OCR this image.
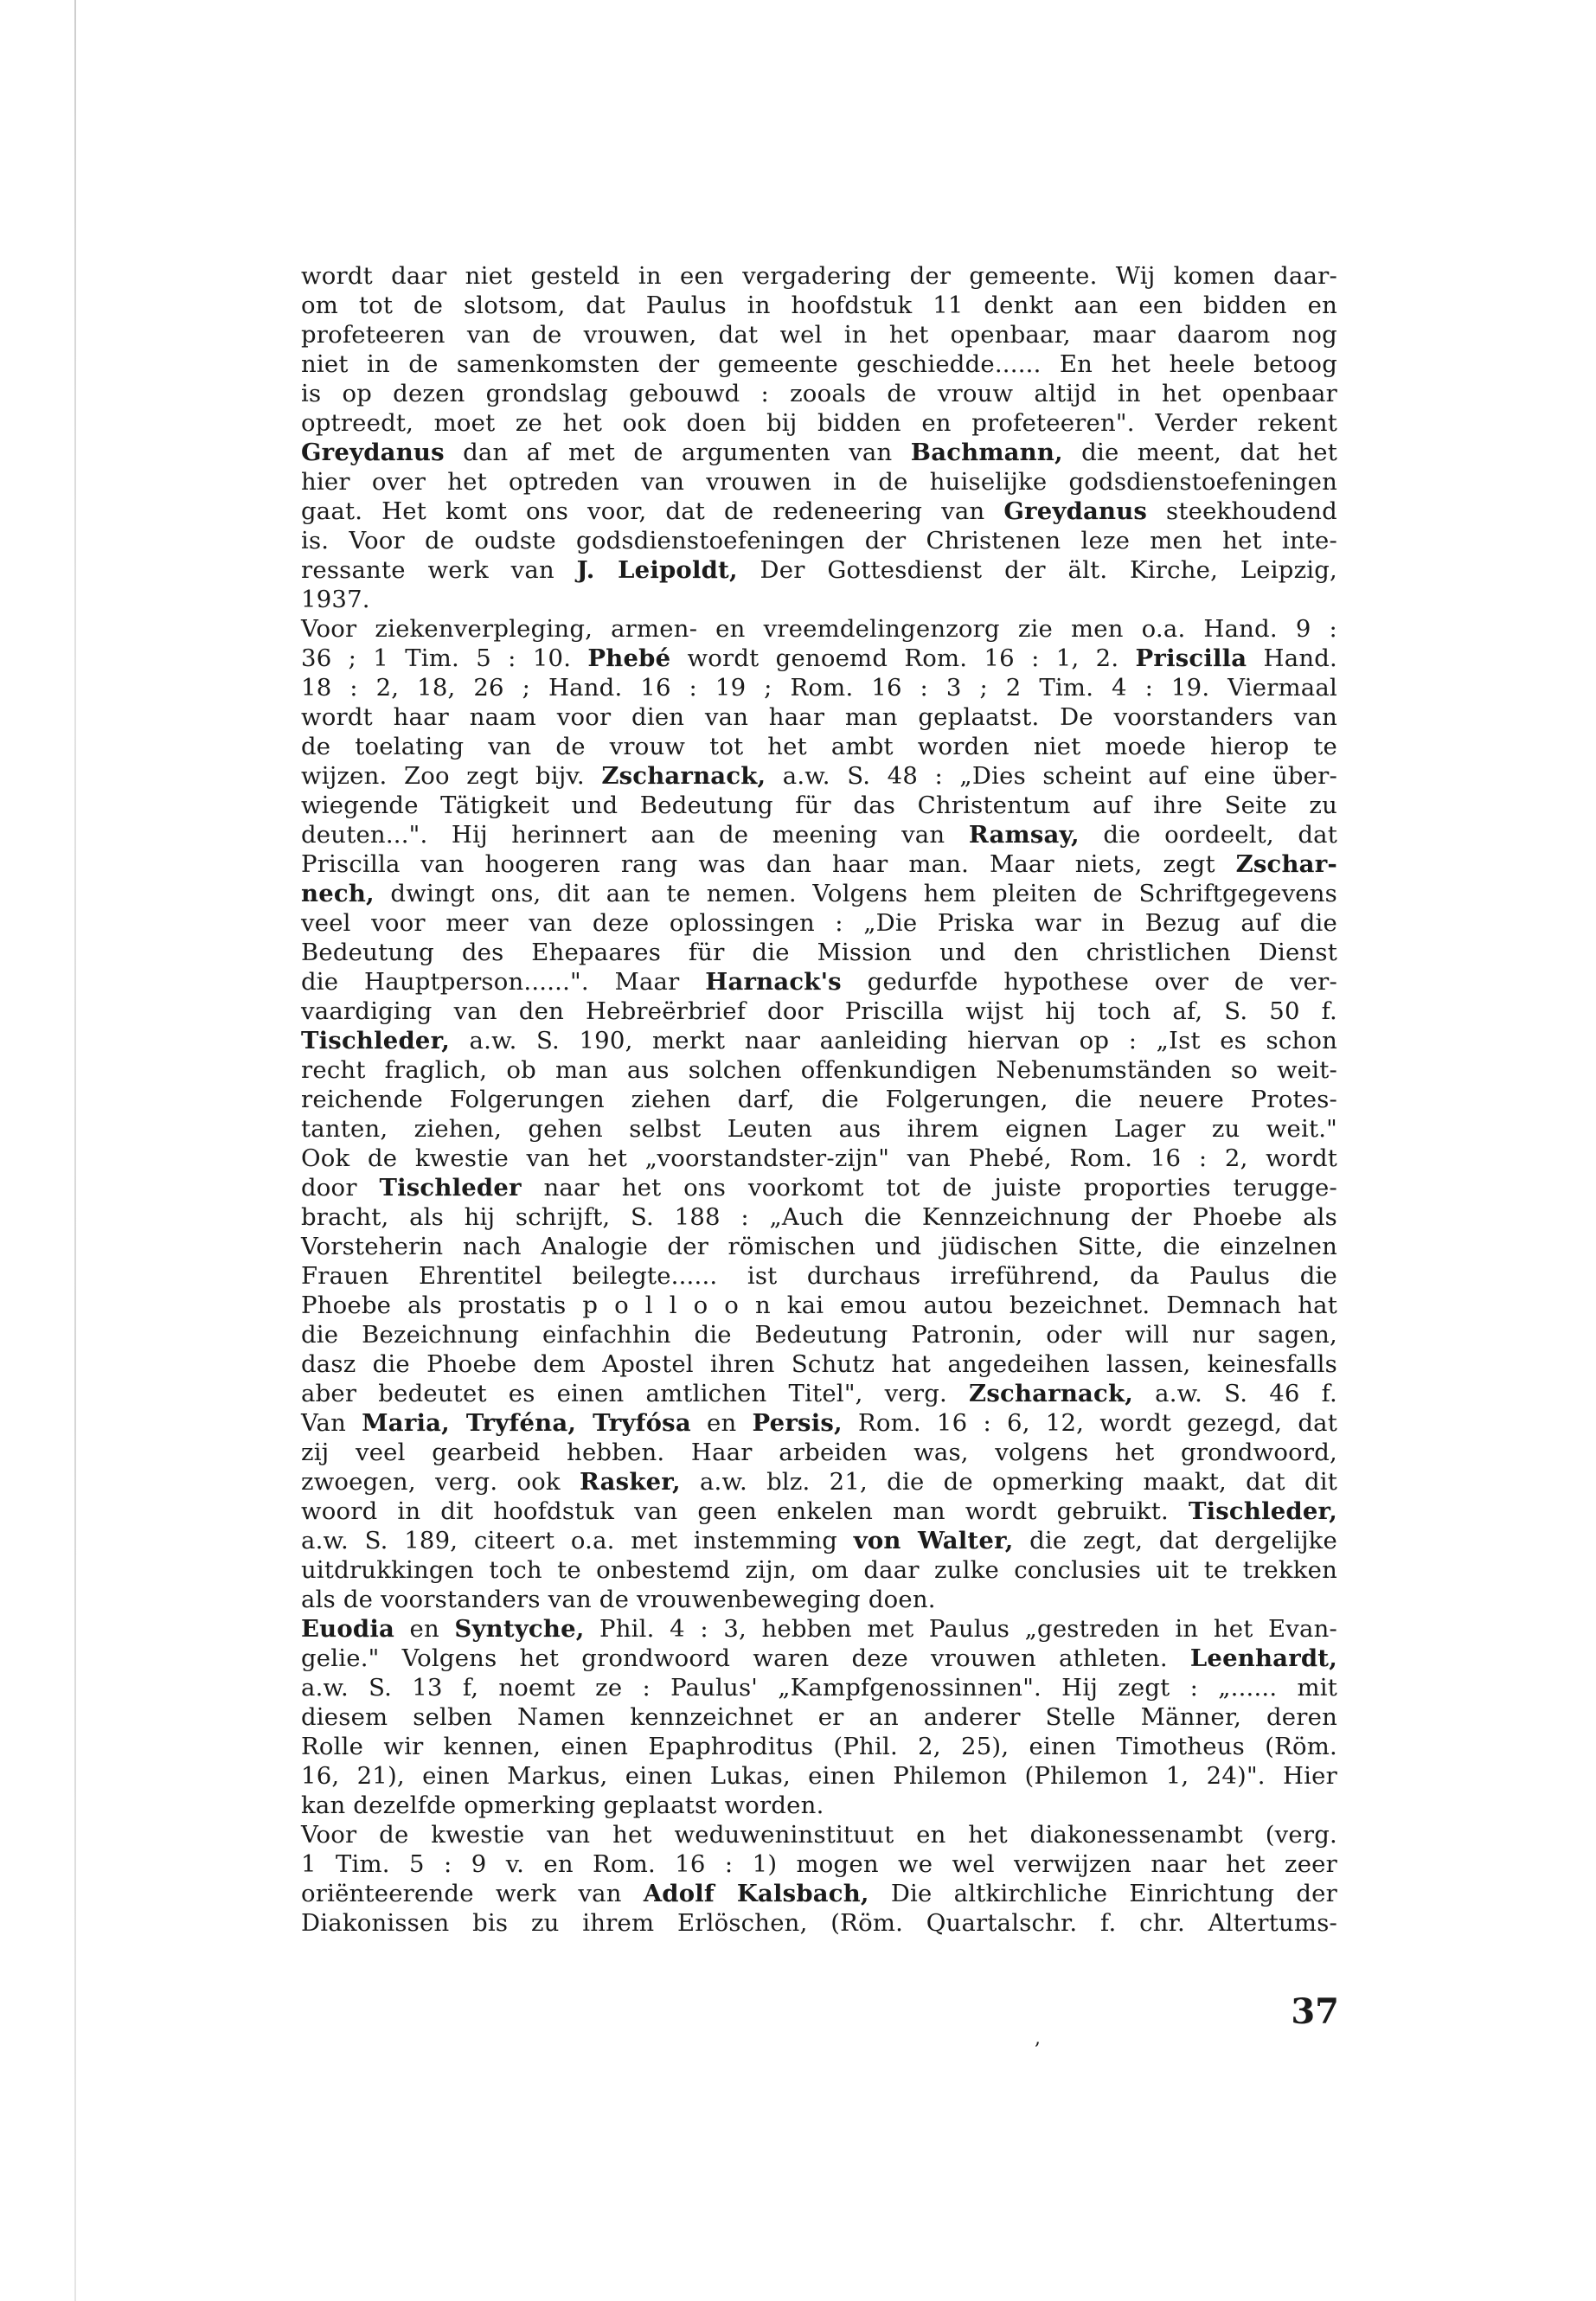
wordt daar niet gesteld in een vergadering der gemeente. Wij komen daar-
om tot de slotsom, dat Paulus in hoofdstuk 11 denkt aan een bidden en
profeteeren van de vrouwen, dat wel in het openbaar, maar daarom nog
niet in de samenkomsten der gemeente geschiedde...... En het heele betoog
is op dezen grondslag gebouwd : zooals de vrouw altijd in het openbaar
optreedt, moet ze het ook doen bij bidden en profeteeren". Verder rekent
Greydanus dan af met de argumenten van Bachmann, die meent, dat het
hier over het optreden van vrouwen in de huiselijke godsdienstoefeningen
gaat. Het komt ons voor, dat de redeneering van Greydanus steekhoudend
is. Voor de oudste godsdienstoefeningen der Christenen leze men het inte-
ressante werk van J. Leipoldt, Der Gottesdienst der ält. Kirche, Leipzig,
1937.
Voor ziekenverpleging, armen- en vreemdelingenzorg zie men o.a. Hand. 9 :
36 ; 1 Tim. 5 : 10. Phebé wordt genoemd Rom. 16 : 1, 2. Priscilla Hand.
18 : 2, 18, 26 ; Hand. 16 : 19 ; Rom. 16 : 3 ; 2 Tim. 4 : 19. Viermaal
wordt haar naam voor dien van haar man geplaatst. De voorstanders van
de toelating van de vrouw tot het ambt worden niet moede hierop te
wijzen. Zoo zegt bijv. Zscharnack, a.w. S. 48 : „Dies scheint auf eine über-
wiegende Tätigkeit und Bedeutung für das Christentum auf ihre Seite zu
deuten...". Hij herinnert aan de meening van Ramsay, die oordeelt, dat
Priscilla van hoogeren rang was dan haar man. Maar niets, zegt Zschar-
nech, dwingt ons, dit aan te nemen. Volgens hem pleiten de Schriftgegevens
veel voor meer van deze oplossingen : „Die Priska war in Bezug auf die
Bedeutung des Ehepaares für die Mission und den christlichen Dienst
die Hauptperson......". Maar Harnack's gedurfde hypothese over de ver-
vaardiging van den Hebreërbrief door Priscilla wijst hij toch af, S. 50 f.
Tischleder, a.w. S. 190, merkt naar aanleiding hiervan op : „Ist es schon
recht fraglich, ob man aus solchen offenkundigen Nebenumständen so weit-
reichende Folgerungen ziehen darf, die Folgerungen, die neuere Protes-
tanten, ziehen, gehen selbst Leuten aus ihrem eignen Lager zu weit."
Ook de kwestie van het „voorstandster-zijn" van Phebé, Rom. 16 : 2, wordt
door Tischleder naar het ons voorkomt tot de juiste proporties terugge-
bracht, als hij schrijft, S. 188 : „Auch die Kennzeichnung der Phoebe als
Vorsteherin nach Analogie der römischen und jüdischen Sitte, die einzelnen
Frauen Ehrentitel beilegte...... ist durchaus irreführend, da Paulus die
Phoebe als prostatis p o l l o o n kai emou autou bezeichnet. Demnach hat
die Bezeichnung einfachhin die Bedeutung Patronin, oder will nur sagen,
dasz die Phoebe dem Apostel ihren Schutz hat angedeihen lassen, keinesfalls
aber bedeutet es einen amtlichen Titel", verg. Zscharnack, a.w. S. 46 f.
Van Maria, Tryféna, Tryfósa en Persis, Rom. 16 : 6, 12, wordt gezegd, dat
zij veel gearbeid hebben. Haar arbeiden was, volgens het grondwoord,
zwoegen, verg. ook Rasker, a.w. blz. 21, die de opmerking maakt, dat dit
woord in dit hoofdstuk van geen enkelen man wordt gebruikt. Tischleder,
a.w. S. 189, citeert o.a. met instemming von Walter, die zegt, dat dergelijke
uitdrukkingen toch te onbestemd zijn, om daar zulke conclusies uit te trekken
als de voorstanders van de vrouwenbeweging doen.
Euodia en Syntyche, Phil. 4 : 3, hebben met Paulus „gestreden in het Evan-
gelie." Volgens het grondwoord waren deze vrouwen athleten. Leenhardt,
a.w. S. 13 f, noemt ze : Paulus' „Kampfgenossinnen". Hij zegt : „...... mit
diesem selben Namen kennzeichnet er an anderer Stelle Männer, deren
Rolle wir kennen, einen Epaphroditus (Phil. 2, 25), einen Timotheus (Röm.
16, 21), einen Markus, einen Lukas, einen Philemon (Philemon 1, 24)". Hier
kan dezelfde opmerking geplaatst worden.
Voor de kwestie van het weduweninstituut en het diakonessenambt (verg.
1 Tim. 5 : 9 v. en Rom. 16 : 1) mogen we wel verwijzen naar het zeer
oriënteerende werk van Adolf Kalsbach, Die altkirchliche Einrichtung der
Diakonissen bis zu ihrem Erlöschen, (Röm. Quartalschr. f. chr. Altertums-
,
37
